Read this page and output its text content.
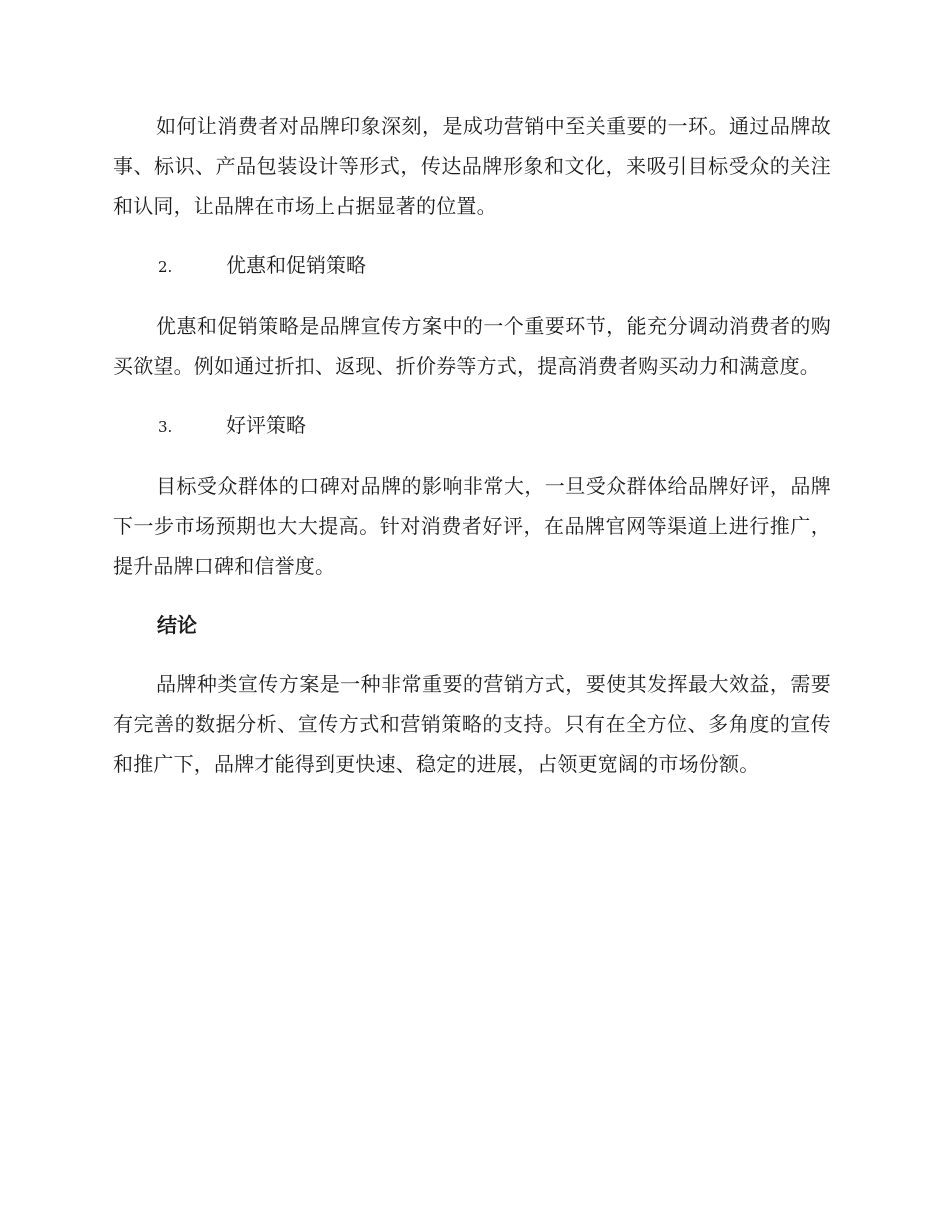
如何让消费者对品牌印象深刻，是成功营销中至关重要的一环。通过品牌故事、标识、产品包装设计等形式，传达品牌形象和文化，来吸引目标受众的关注和认同，让品牌在市场上占据显著的位置。

2.	优惠和促销策略

优惠和促销策略是品牌宣传方案中的一个重要环节，能充分调动消费者的购买欲望。例如通过折扣、返现、折价券等方式，提高消费者购买动力和满意度。

3.	好评策略

目标受众群体的口碑对品牌的影响非常大，一旦受众群体给品牌好评，品牌下一步市场预期也大大提高。针对消费者好评，在品牌官网等渠道上进行推广，提升品牌口碑和信誉度。

结论

品牌种类宣传方案是一种非常重要的营销方式，要使其发挥最大效益，需要有完善的数据分析、宣传方式和营销策略的支持。只有在全方位、多角度的宣传和推广下，品牌才能得到更快速、稳定的进展，占领更宽阔的市场份额。
